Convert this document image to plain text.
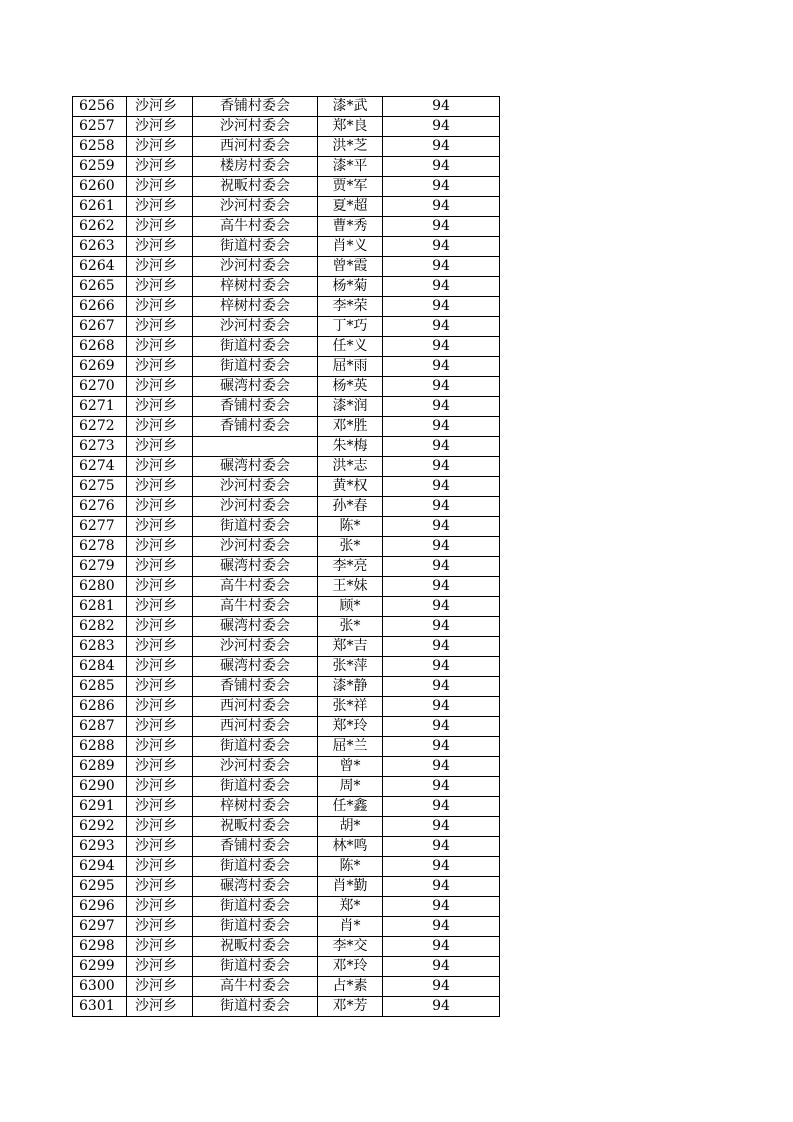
6256	沙河乡	香铺村委会	漆*武	94
6257	沙河乡	沙河村委会	郑*良	94
6258	沙河乡	西河村委会	洪*芝	94
6259	沙河乡	楼房村委会	漆*平	94
6260	沙河乡	祝畈村委会	贾*军	94
6261	沙河乡	沙河村委会	夏*超	94
6262	沙河乡	高牛村委会	曹*秀	94
6263	沙河乡	街道村委会	肖*义	94
6264	沙河乡	沙河村委会	曾*霞	94
6265	沙河乡	梓树村委会	杨*菊	94
6266	沙河乡	梓树村委会	李*荣	94
6267	沙河乡	沙河村委会	丁*巧	94
6268	沙河乡	街道村委会	任*义	94
6269	沙河乡	街道村委会	屈*雨	94
6270	沙河乡	碾湾村委会	杨*英	94
6271	沙河乡	香铺村委会	漆*润	94
6272	沙河乡	香铺村委会	邓*胜	94
6273	沙河乡		朱*梅	94
6274	沙河乡	碾湾村委会	洪*志	94
6275	沙河乡	沙河村委会	黄*权	94
6276	沙河乡	沙河村委会	孙*春	94
6277	沙河乡	街道村委会	陈*	94
6278	沙河乡	沙河村委会	张*	94
6279	沙河乡	碾湾村委会	李*亮	94
6280	沙河乡	高牛村委会	王*妹	94
6281	沙河乡	高牛村委会	顾*	94
6282	沙河乡	碾湾村委会	张*	94
6283	沙河乡	沙河村委会	郑*吉	94
6284	沙河乡	碾湾村委会	张*萍	94
6285	沙河乡	香铺村委会	漆*静	94
6286	沙河乡	西河村委会	张*祥	94
6287	沙河乡	西河村委会	郑*玲	94
6288	沙河乡	街道村委会	屈*兰	94
6289	沙河乡	沙河村委会	曾*	94
6290	沙河乡	街道村委会	周*	94
6291	沙河乡	梓树村委会	任*鑫	94
6292	沙河乡	祝畈村委会	胡*	94
6293	沙河乡	香铺村委会	林*鸣	94
6294	沙河乡	街道村委会	陈*	94
6295	沙河乡	碾湾村委会	肖*勤	94
6296	沙河乡	街道村委会	郑*	94
6297	沙河乡	街道村委会	肖*	94
6298	沙河乡	祝畈村委会	李*交	94
6299	沙河乡	街道村委会	邓*玲	94
6300	沙河乡	高牛村委会	占*素	94
6301	沙河乡	街道村委会	邓*芳	94
